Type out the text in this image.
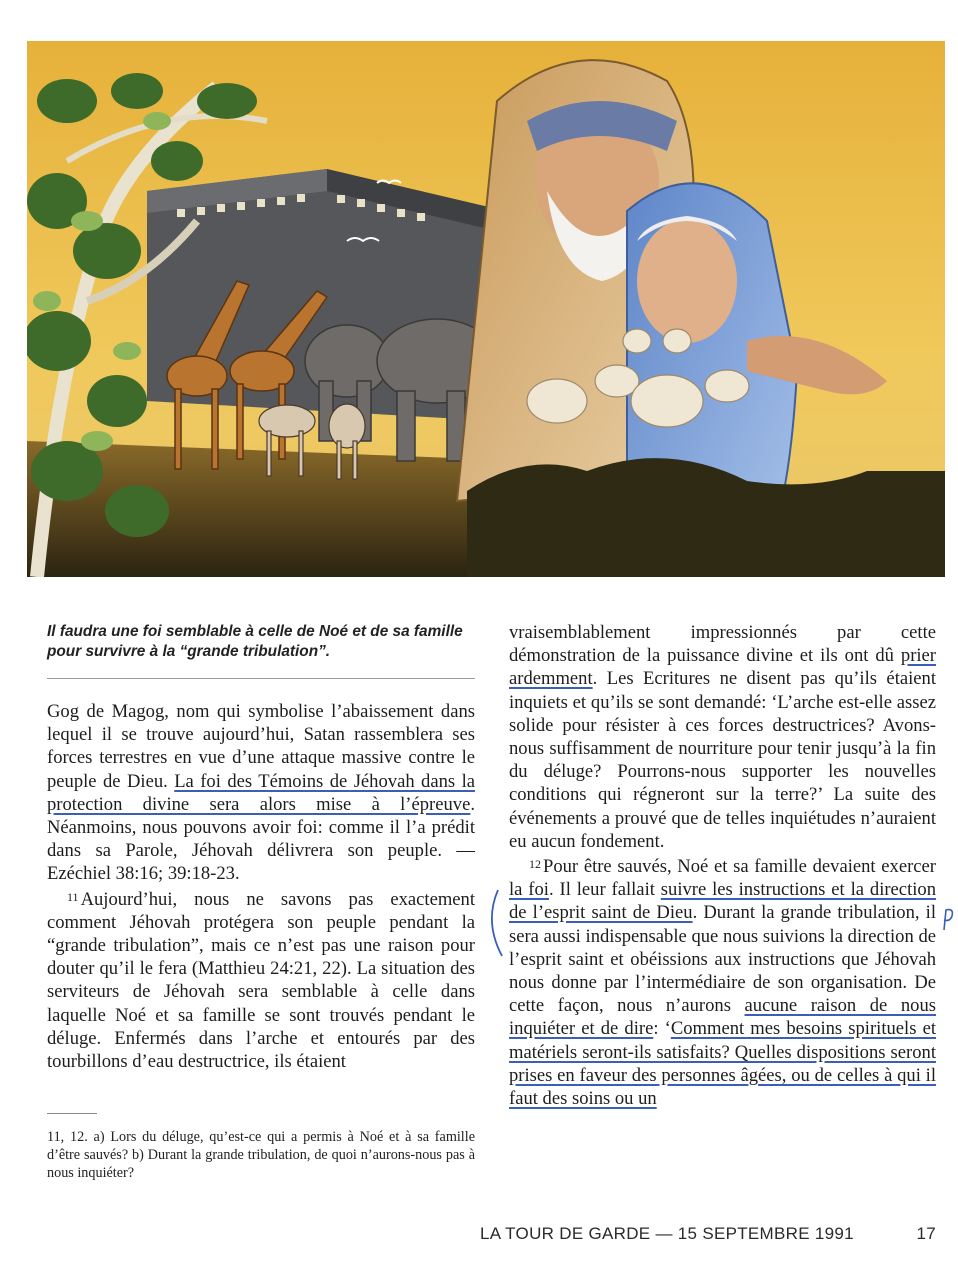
Il faudra une foi semblable à celle de Noé et de sa famille pour survivre à la “grande tribulation”.

Gog de Magog, nom qui symbolise l’abaissement dans lequel il se trouve aujourd’hui, Satan rassemblera ses forces terrestres en vue d’une attaque massive contre le peuple de Dieu. La foi des Témoins de Jéhovah dans la protection divine sera alors mise à l’épreuve. Néanmoins, nous pouvons avoir foi: comme il l’a prédit dans sa Parole, Jéhovah délivrera son peuple. — Ezéchiel 38:16; 39:18-23.

$^{11}$ Aujourd’hui, nous ne savons pas exactement comment Jéhovah protégera son peuple pendant la “grande tribulation”, mais ce n’est pas une raison pour douter qu’il le fera (Matthieu 24:21, 22). La situation des serviteurs de Jéhovah sera semblable à celle dans laquelle Noé et sa famille se sont trouvés pendant le déluge. Enfermés dans l’arche et entourés par des tourbillons d’eau destructrice, ils étaient

11, 12. a) Lors du déluge, qu’est-ce qui a permis à Noé et à sa famille d’être sauvés? b) Durant la grande tribulation, de quoi n’aurons-nous pas à nous inquiéter?

vraisemblablement impressionnés par cette démonstration de la puissance divine et ils ont dû prier ardemment. Les Ecritures ne disent pas qu’ils étaient inquiets et qu’ils se sont demandé: ‘L’arche est-elle assez solide pour résister à ces forces destructrices? Avons-nous suffisamment de nourriture pour tenir jusqu’à la fin du déluge? Pourrons-nous supporter les nouvelles conditions qui régneront sur la terre?’ La suite des événements a prouvé que de telles inquiétudes n’auraient eu aucun fondement.

$^{12}$ Pour être sauvés, Noé et sa famille devaient exercer la foi. Il leur fallait suivre les instructions et la direction de l’esprit saint de Dieu. Durant la grande tribulation, il sera aussi indispensable que nous suivions la direction de l’esprit saint et obéissions aux instructions que Jéhovah nous donne par l’intermédiaire de son organisation. De cette façon, nous n’aurons aucune raison de nous inquiéter et de dire: ‘Comment mes besoins spirituels et matériels seront-ils satisfaits? Quelles dispositions seront prises en faveur des personnes âgées, ou de celles à qui il faut des soins ou un

LA TOUR DE GARDE — 15 SEPTEMBRE 1991	17
